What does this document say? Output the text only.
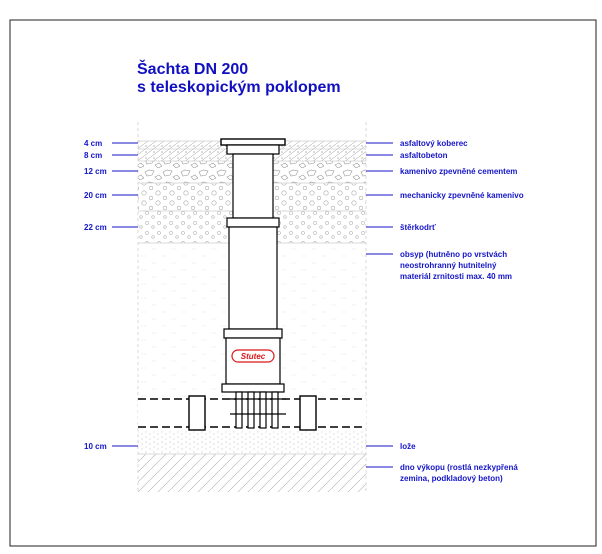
Šachta DN 200
s teleskopickým poklopem
Stutec
4 cm
8 cm
12 cm
20 cm
22 cm
10 cm
asfaltový koberec
asfaltobeton
kamenivo zpevněné cementem
mechanicky zpevněné kamenivo
štěrkodrť
obsyp (hutněno po vrstvách
neostrohranný hutnitelný
materiál zrnitosti max. 40 mm
lože
dno výkopu (rostlá nezkypřená
zemina, podkladový beton)
